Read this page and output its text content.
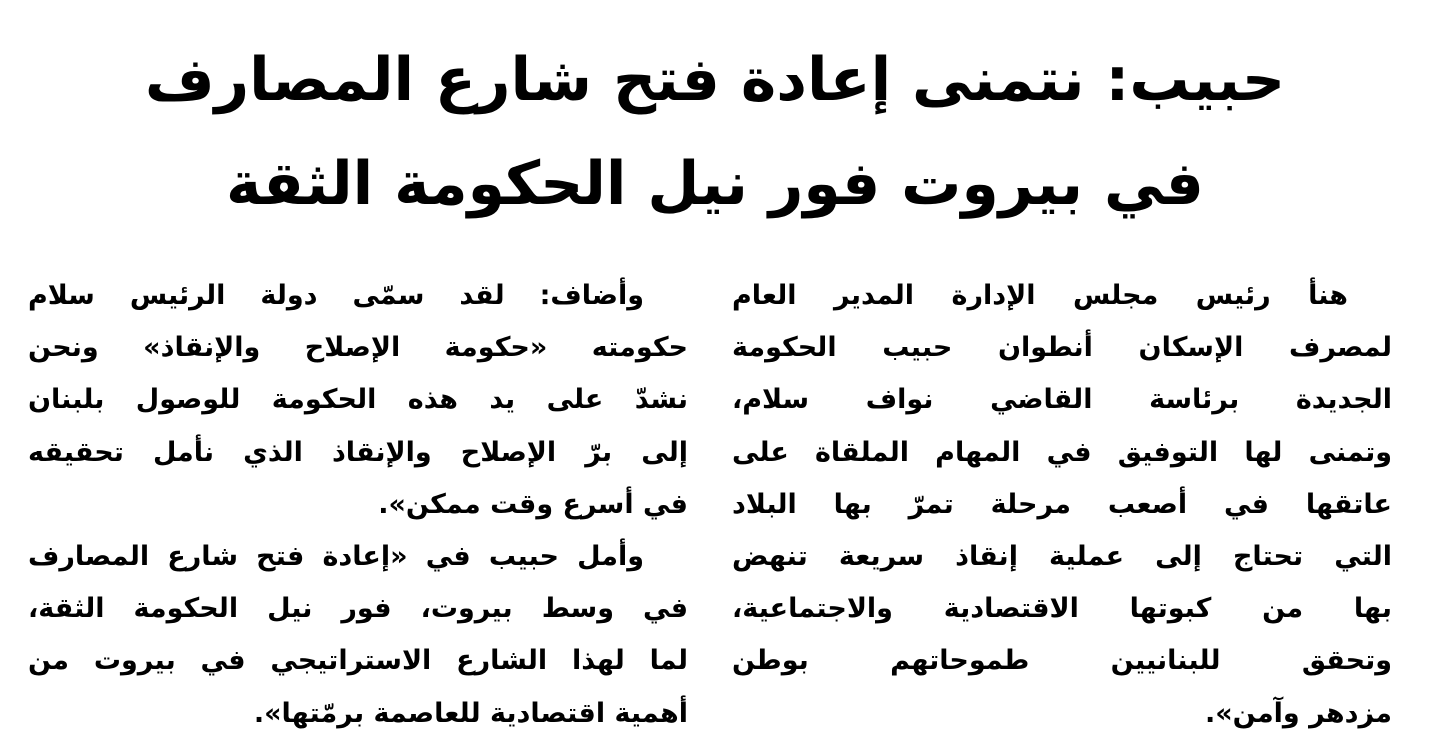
حبيب: نتمنى إعادة فتح شارع المصارف
في بيروت فور نيل الحكومة الثقة
هنأ رئيس مجلس الإدارة المدير العام
لمصرف الإسكان أنطوان حبيب الحكومة
الجديدة برئاسة القاضي نواف سلام،
وتمنى لها التوفيق في المهام الملقاة على
عاتقها في أصعب مرحلة تمرّ بها البلاد
التي تحتاج إلى عملية إنقاذ سريعة تنهض
بها من كبوتها الاقتصادية والاجتماعية،
وتحقق للبنانيين طموحاتهم بوطن
مزدهر وآمن».
وأضاف: لقد سمّى دولة الرئيس سلام
حكومته «حكومة الإصلاح والإنقاذ» ونحن
نشدّ على يد هذه الحكومة للوصول بلبنان
إلى برّ الإصلاح والإنقاذ الذي نأمل تحقيقه
في أسرع وقت ممكن».
وأمل حبيب في «إعادة فتح شارع المصارف
في وسط بيروت، فور نيل الحكومة الثقة،
لما لهذا الشارع الاستراتيجي في بيروت من
أهمية اقتصادية للعاصمة برمّتها».
